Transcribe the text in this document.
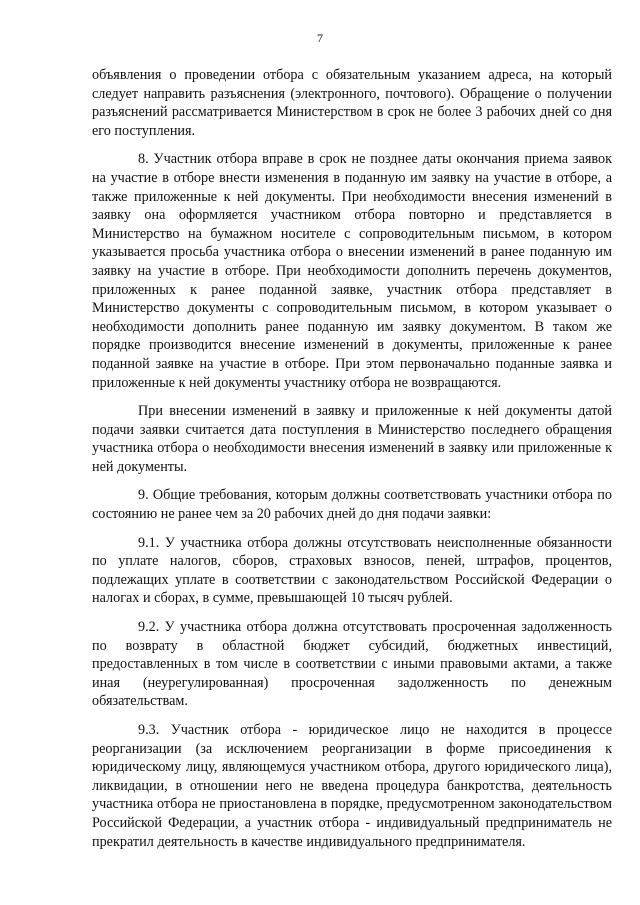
7

объявления о проведении отбора с обязательным указанием адреса, на который следует направить разъяснения (электронного, почтового). Обращение о получении разъяснений рассматривается Министерством в срок не более 3 рабочих дней со дня его поступления.

8. Участник отбора вправе в срок не позднее даты окончания приема заявок на участие в отборе внести изменения в поданную им заявку на участие в отборе, а также приложенные к ней документы. При необходимости внесения изменений в заявку она оформляется участником отбора повторно и представляется в Министерство на бумажном носителе с сопроводительным письмом, в котором указывается просьба участника отбора о внесении изменений в ранее поданную им заявку на участие в отборе. При необходимости дополнить перечень документов, приложенных к ранее поданной заявке, участник отбора представляет в Министерство документы с сопроводительным письмом, в котором указывает о необходимости дополнить ранее поданную им заявку документом. В таком же порядке производится внесение изменений в документы, приложенные к ранее поданной заявке на участие в отборе. При этом первоначально поданные заявка и приложенные к ней документы участнику отбора не возвращаются.

При внесении изменений в заявку и приложенные к ней документы датой подачи заявки считается дата поступления в Министерство последнего обращения участника отбора о необходимости внесения изменений в заявку или приложенные к ней документы.

9. Общие требования, которым должны соответствовать участники отбора по состоянию не ранее чем за 20 рабочих дней до дня подачи заявки:

9.1. У участника отбора должны отсутствовать неисполненные обязанности по уплате налогов, сборов, страховых взносов, пеней, штрафов, процентов, подлежащих уплате в соответствии с законодательством Российской Федерации о налогах и сборах, в сумме, превышающей 10 тысяч рублей.

9.2. У участника отбора должна отсутствовать просроченная задолженность по возврату в областной бюджет субсидий, бюджетных инвестиций, предоставленных в том числе в соответствии с иными правовыми актами, а также иная (неурегулированная) просроченная задолженность по денежным обязательствам.

9.3. Участник отбора - юридическое лицо не находится в процессе реорганизации (за исключением реорганизации в форме присоединения к юридическому лицу, являющемуся участником отбора, другого юридического лица), ликвидации, в отношении него не введена процедура банкротства, деятельность участника отбора не приостановлена в порядке, предусмотренном законодательством Российской Федерации, а участник отбора - индивидуальный предприниматель не прекратил деятельность в качестве индивидуального предпринимателя.
